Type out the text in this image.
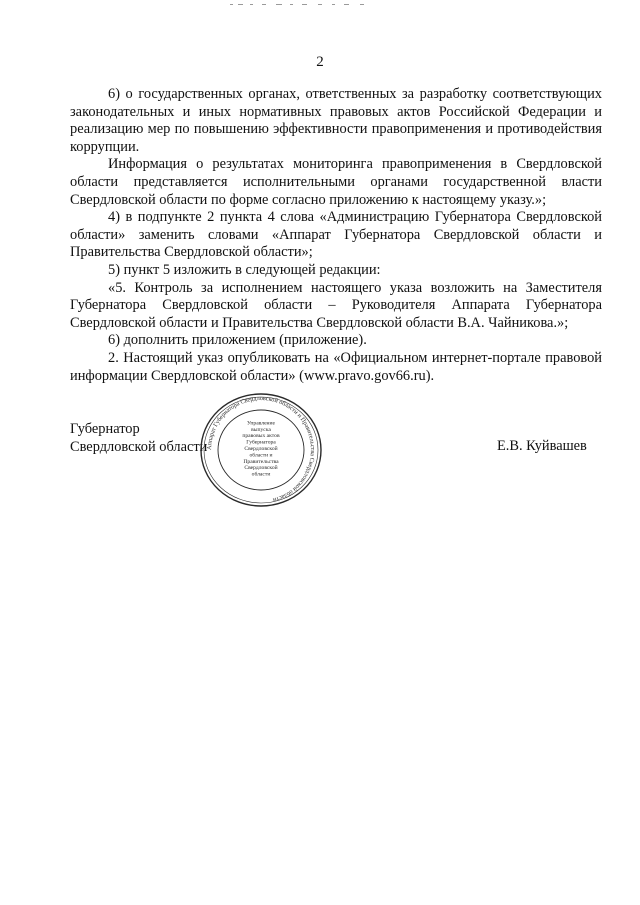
2

6) о государственных органах, ответственных за разработку соответствующих законодательных и иных нормативных правовых актов Российской Федерации и реализацию мер по повышению эффективности правоприменения и противодействия коррупции.

Информация о результатах мониторинга правоприменения в Свердловской области представляется исполнительными органами государственной власти Свердловской области по форме согласно приложению к настоящему указу.»;

4) в подпункте 2 пункта 4 слова «Администрацию Губернатора Свердловской области» заменить словами «Аппарат Губернатора Свердловской области и Правительства Свердловской области»;

5) пункт 5 изложить в следующей редакции:

«5. Контроль за исполнением настоящего указа возложить на Заместителя Губернатора Свердловской области – Руководителя Аппарата Губернатора Свердловской области и Правительства Свердловской области В.А. Чайникова.»;

6) дополнить приложением (приложение).

2. Настоящий указ опубликовать на «Официальном интернет-портале правовой информации Свердловской области» (www.pravo.gov66.ru).

Губернатор
Свердловской области	Е.В. Куйвашев
Аппарат Губернатора Свердловской области и Правительства Свердловской области
Управление
выпуска
правовых актов
Губернатора
Свердловской
области и
Правительства
Свердловской
области
